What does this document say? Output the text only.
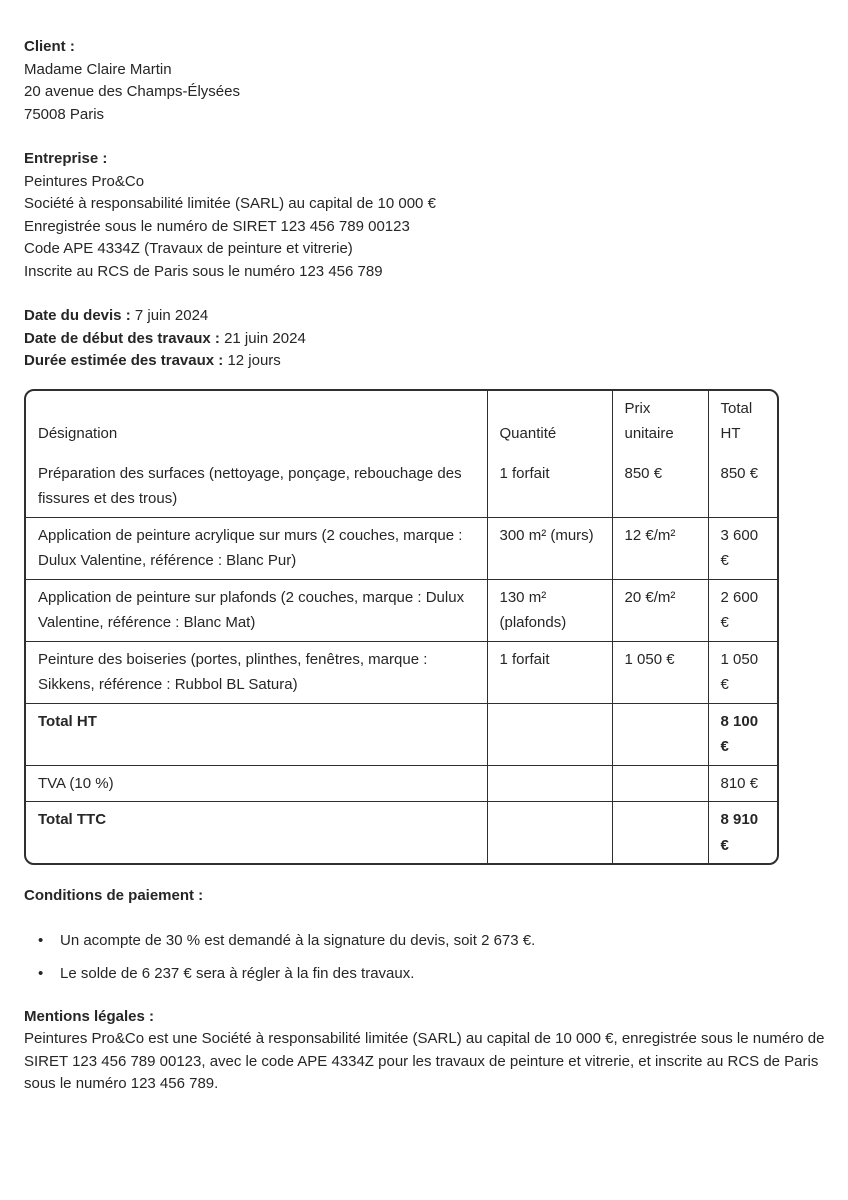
Client :

Madame Claire Martin

20 avenue des Champs-Élysées

75008 Paris

Entreprise :

Peintures Pro&Co

Société à responsabilité limitée (SARL) au capital de 10 000 €

Enregistrée sous le numéro de SIRET 123 456 789 00123

Code APE 4334Z (Travaux de peinture et vitrerie)

Inscrite au RCS de Paris sous le numéro 123 456 789

Date du devis : 7 juin 2024

Date de début des travaux : 21 juin 2024

Durée estimée des travaux : 12 jours

Désignation	Quantité	Prix unitaire	Total HT
Préparation des surfaces (nettoyage, ponçage, rebouchage des fissures et des trous)	1 forfait	850 €	850 €
Application de peinture acrylique sur murs (2 couches, marque : Dulux Valentine, référence : Blanc Pur)	300 m² (murs)	12 €/m²	3 600 €
Application de peinture sur plafonds (2 couches, marque : Dulux Valentine, référence : Blanc Mat)	130 m² (plafonds)	20 €/m²	2 600 €
Peinture des boiseries (portes, plinthes, fenêtres, marque : Sikkens, référence : Rubbol BL Satura)	1 forfait	1 050 €	1 050 €
Total HT			8 100 €
TVA (10 %)			810 €
Total TTC			8 910 €

Conditions de paiement :

• Un acompte de 30 % est demandé à la signature du devis, soit 2 673 €.
• Le solde de 6 237 € sera à régler à la fin des travaux.

Mentions légales :

Peintures Pro&Co est une Société à responsabilité limitée (SARL) au capital de 10 000 €, enregistrée sous le numéro de SIRET 123 456 789 00123, avec le code APE 4334Z pour les travaux de peinture et vitrerie, et inscrite au RCS de Paris sous le numéro 123 456 789.
